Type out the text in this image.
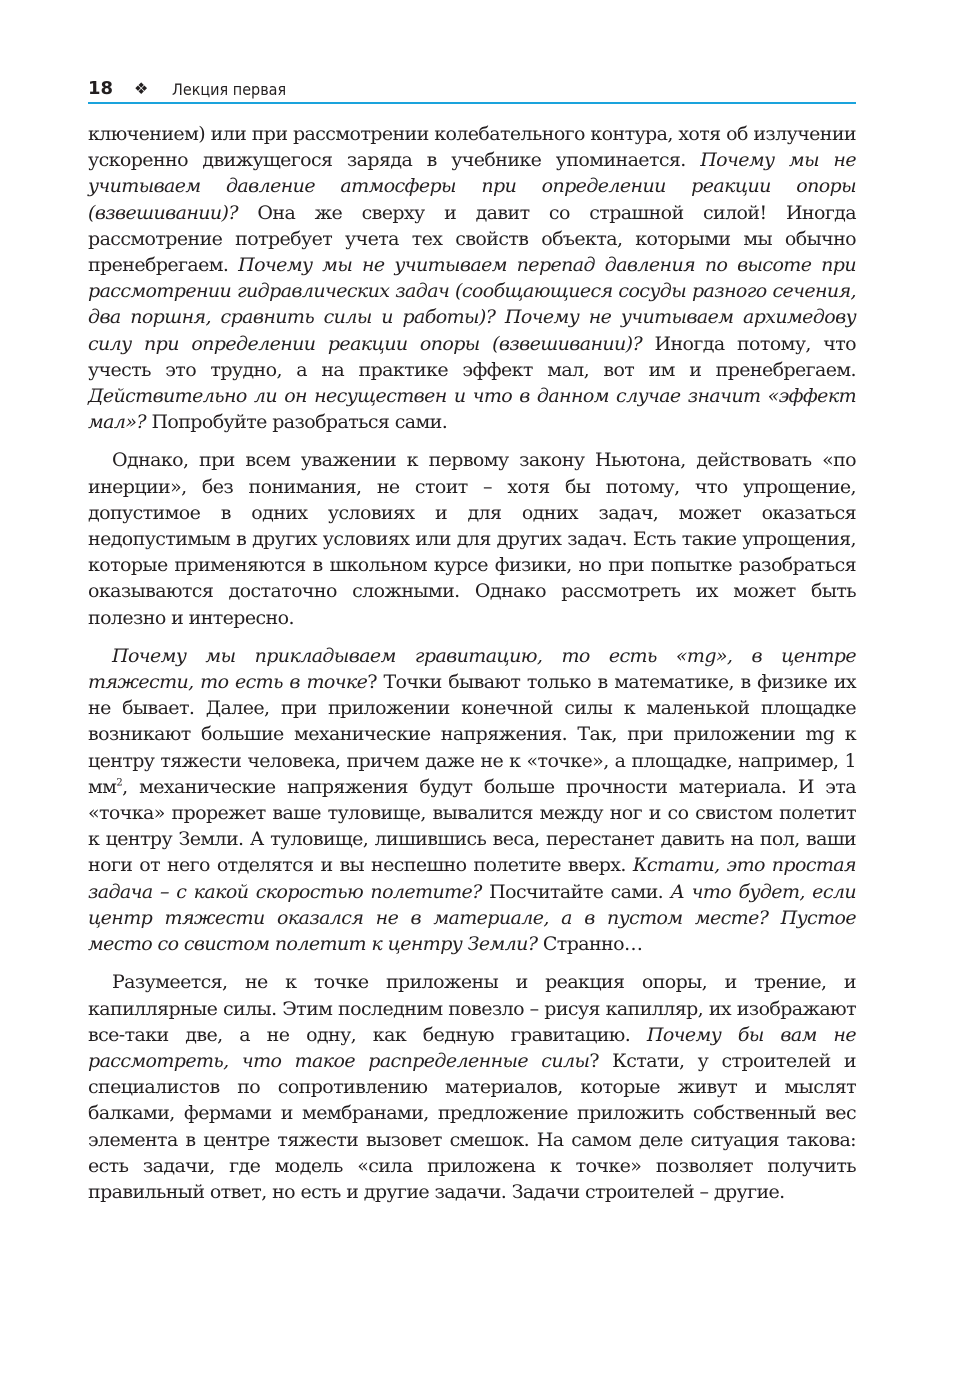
18 ❖ Лекция первая

ключением) или при рассмотрении колебательного контура, хотя об излучении ускоренно движущегося заряда в учебнике упоминается. Почему мы не учитываем давление атмосферы при определении реакции опоры (взвешивании)? Она же сверху и давит со страшной силой! Иногда рассмотрение потребует учета тех свойств объекта, которыми мы обычно пренебрегаем. Почему мы не учитываем перепад давления по высоте при рассмотрении гидравлических задач (сообщающиеся сосуды разного сечения, два поршня, сравнить силы и работы)? Почему не учитываем архимедову силу при определении реакции опоры (взвешивании)? Иногда потому, что учесть это трудно, а на практике эффект мал, вот им и пренебрегаем. Действительно ли он несуществен и что в данном случае значит «эффект мал»? Попробуйте разобраться сами.

Однако, при всем уважении к первому закону Ньютона, действовать «по инерции», без понимания, не стоит – хотя бы потому, что упрощение, допустимое в одних условиях и для одних задач, может оказаться недопустимым в других условиях или для других задач. Есть такие упрощения, которые применяются в школьном курсе физики, но при попытке разобраться оказываются достаточно сложными. Однако рассмотреть их может быть полезно и интересно.

Почему мы прикладываем гравитацию, то есть «mg», в центре тяжести, то есть в точке? Точки бывают только в математике, в физике их не бывает. Далее, при приложении конечной силы к маленькой площадке возникают большие механические напряжения. Так, при приложении mg к центру тяжести человека, причем даже не к «точке», а площадке, например, 1 $мм^2$, механические напряжения будут больше прочности материала. И эта «точка» прорежет ваше туловище, вывалится между ног и со свистом полетит к центру Земли. А туловище, лишившись веса, перестанет давить на пол, ваши ноги от него отделятся и вы неспешно полетите вверх. Кстати, это простая задача – с какой скоростью полетите? Посчитайте сами. А что будет, если центр тяжести оказался не в материале, а в пустом месте? Пустое место со свистом полетит к центру Земли? Странно…

Разумеется, не к точке приложены и реакция опоры, и трение, и капиллярные силы. Этим последним повезло – рисуя капилляр, их изображают все-таки две, а не одну, как бедную гравитацию. Почему бы вам не рассмотреть, что такое распределенные силы? Кстати, у строителей и специалистов по сопротивлению материалов, которые живут и мыслят балками, фермами и мембранами, предложение приложить собственный вес элемента в центре тяжести вызовет смешок. На самом деле ситуация такова: есть задачи, где модель «сила приложена к точке» позволяет получить правильный ответ, но есть и другие задачи. Задачи строителей – другие.
